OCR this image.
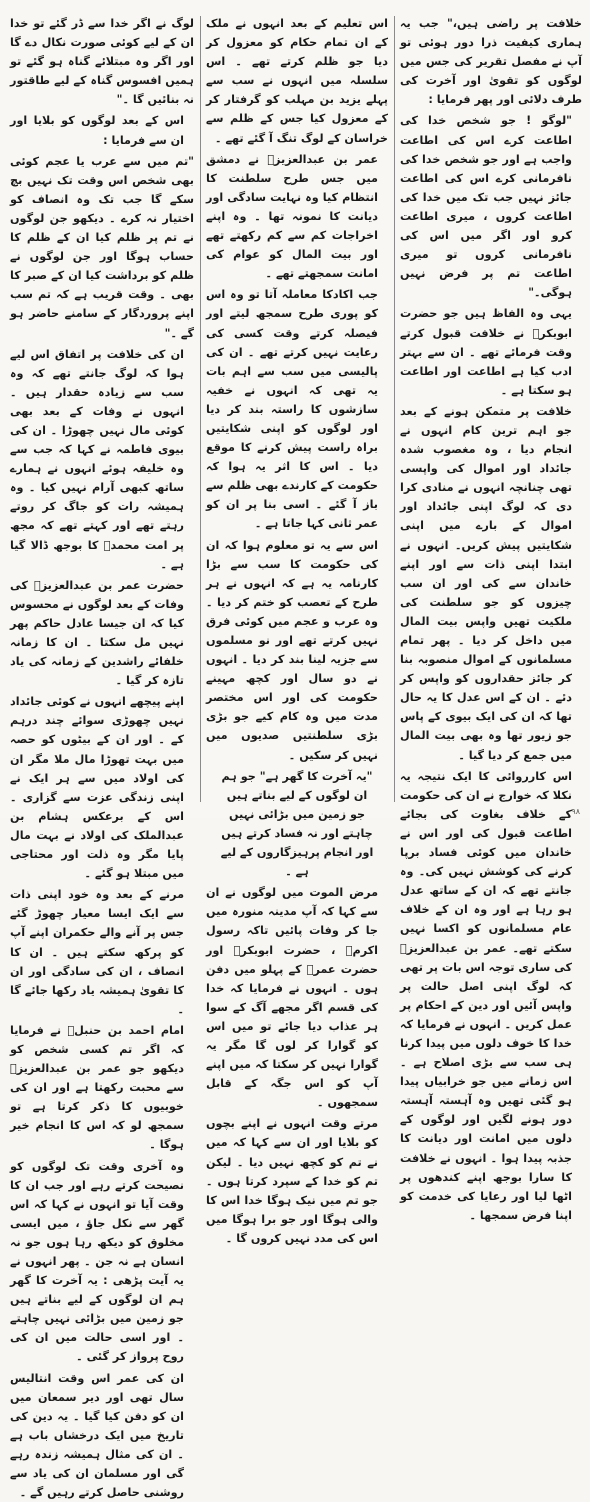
خلافت پر راضی ہیں،" جب یہ ہماری کیفیت ذرا دور ہوئی تو آپ نے مفصل تقریر کی جس میں لوگوں کو تقویٰ اور آخرت کی طرف دلائی اور پھر فرمایا :

"لوگو ! جو شخص خدا کی اطاعت کرے اس کی اطاعت واجب ہے اور جو شخص خدا کی نافرمانی کرے اس کی اطاعت جائز نہیں جب تک میں خدا کی اطاعت کروں ، میری اطاعت کرو اور اگر میں اس کی نافرمانی کروں تو میری اطاعت تم پر فرض نہیں ہوگی۔"

یہی وہ الفاظ ہیں جو حضرت ابوبکرؓ نے خلافت قبول کرتے وقت فرمائے تھے ۔ ان سے بہتر ادب کیا ہے اطاعت اور اطاعت ہو سکتا ہے ۔

خلافت پر متمکن ہونے کے بعد جو اہم ترین کام انہوں نے انجام دیا ، وہ مغصوب شدہ جائداد اور اموال کی واپسی تھی چنانچہ انہوں نے منادی کرا دی کہ لوگ اپنی جائداد اور اموال کے بارے میں اپنی شکایتیں پیش کریں۔ انہوں نے ابتدا اپنی ذات سے اور اپنے خاندان سے کی اور ان سب چیزوں کو جو سلطنت کی ملکیت تھیں واپس بیت المال میں داخل کر دیا ۔ پھر تمام مسلمانوں کے اموال منصوبہ بنا کر جائز حقداروں کو واپس کر دئے ۔ ان کے اس عدل کا یہ حال تھا کہ ان کی ایک بیوی کے پاس جو زیور تھا وہ بھی بیت المال میں جمع کر دیا گیا ۔

اس کارروائی کا ایک نتیجہ یہ نکلا کہ خوارج نے ان کی حکومت کے خلاف بغاوت کی بجائے اطاعت قبول کی اور اس نے خاندان میں کوئی فساد برپا کرنے کی کوشش نہیں کی۔ وہ جانتے تھے کہ ان کے ساتھ عدل ہو رہا ہے اور وہ ان کے خلاف عام مسلمانوں کو اکسا نہیں سکتے تھے۔ عمر بن عبدالعزیزؒ کی ساری توجہ اس بات پر تھی کہ لوگ اپنی اصل حالت پر واپس آئیں اور دین کے احکام پر عمل کریں ۔ انہوں نے فرمایا کہ خدا کا خوف دلوں میں پیدا کرنا ہی سب سے بڑی اصلاح ہے ۔ اس زمانے میں جو خرابیاں پیدا ہو گئی تھیں وہ آہستہ آہستہ دور ہونے لگیں اور لوگوں کے دلوں میں امانت اور دیانت کا جذبہ پیدا ہوا ۔ انہوں نے خلافت کا سارا بوجھ اپنے کندھوں پر اٹھا لیا اور رعایا کی خدمت کو اپنا فرض سمجھا ۔

اس تعلیم کے بعد انہوں نے ملک کے ان تمام حکام کو معزول کر دیا جو ظلم کرتے تھے ۔ اس سلسلہ میں انہوں نے سب سے پہلے یزید بن مہلب کو گرفتار کر کے معزول کیا جس کے ظلم سے خراسان کے لوگ تنگ آ گئے تھے ۔

عمر بن عبدالعزیزؒ نے دمشق میں جس طرح سلطنت کا انتظام کیا وہ نہایت سادگی اور دیانت کا نمونہ تھا ۔ وہ اپنے اخراجات کم سے کم رکھتے تھے اور بیت المال کو عوام کی امانت سمجھتے تھے ۔

جب اکادکا معاملہ آتا تو وہ اس کو پوری طرح سمجھ لیتے اور فیصلہ کرتے وقت کسی کی رعایت نہیں کرتے تھے ۔ ان کی پالیسی میں سب سے اہم بات یہ تھی کہ انہوں نے خفیہ سازشوں کا راستہ بند کر دیا اور لوگوں کو اپنی شکایتیں براہ راست پیش کرنے کا موقع دیا ۔ اس کا اثر یہ ہوا کہ حکومت کے کارندے بھی ظلم سے باز آ گئے ۔ اسی بنا پر ان کو عمر ثانی کہا جاتا ہے ۔

اس سے یہ تو معلوم ہوا کہ ان کی حکومت کا سب سے بڑا کارنامہ یہ ہے کہ انہوں نے ہر طرح کے تعصب کو ختم کر دیا ۔ وہ عرب و عجم میں کوئی فرق نہیں کرتے تھے اور نو مسلموں سے جزیہ لینا بند کر دیا ۔ انہوں نے دو سال اور کچھ مہینے حکومت کی اور اس مختصر مدت میں وہ کام کیے جو بڑی بڑی سلطنتیں صدیوں میں نہیں کر سکیں ۔

"یہ آخرت کا گھر ہے" جو ہم ان لوگوں کے لیے بناتے ہیں جو زمین میں بڑائی نہیں چاہتے اور نہ فساد کرتے ہیں اور انجام پرہیزگاروں کے لیے ہے ۔

مرض الموت میں لوگوں نے ان سے کہا کہ آپ مدینہ منورہ میں جا کر وفات پائیں تاکہ رسول اکرمؐ ، حضرت ابوبکرؓ اور حضرت عمرؓ کے پہلو میں دفن ہوں ۔ انہوں نے فرمایا کہ خدا کی قسم اگر مجھے آگ کے سوا ہر عذاب دیا جائے تو میں اس کو گوارا کر لوں گا مگر یہ گوارا نہیں کر سکتا کہ میں اپنے آپ کو اس جگہ کے قابل سمجھوں ۔

مرتے وقت انہوں نے اپنے بچوں کو بلایا اور ان سے کہا کہ میں نے تم کو کچھ نہیں دیا ۔ لیکن تم کو خدا کے سپرد کرتا ہوں ۔ جو تم میں نیک ہوگا خدا اس کا والی ہوگا اور جو برا ہوگا میں اس کی مدد نہیں کروں گا ۔

لوگ نے اگر خدا سے ڈر گئے تو خدا ان کے لیے کوئی صورت نکال دے گا اور اگر وہ مبتلائے گناہ ہو گئے تو ہمیں افسوس گناہ کے لیے طاقتور نہ بنائیں گا ۔"

اس کے بعد لوگوں کو بلایا اور ان سے فرمایا :

"تم میں سے عرب یا عجم کوئی بھی شخص اس وقت تک نہیں بچ سکے گا جب تک وہ انصاف کو اختیار نہ کرے ۔ دیکھو جن لوگوں نے تم پر ظلم کیا ان کے ظلم کا حساب ہوگا اور جن لوگوں نے ظلم کو برداشت کیا ان کے صبر کا بھی ۔ وقت قریب ہے کہ تم سب اپنے پروردگار کے سامنے حاضر ہو گے ۔"

ان کی خلافت پر اتفاق اس لیے ہوا کہ لوگ جانتے تھے کہ وہ سب سے زیادہ حقدار ہیں ۔ انہوں نے وفات کے بعد بھی کوئی مال نہیں چھوڑا ۔ ان کی بیوی فاطمہ نے کہا کہ جب سے وہ خلیفہ ہوئے انہوں نے ہمارے ساتھ کبھی آرام نہیں کیا ۔ وہ ہمیشہ رات کو جاگ کر روتے رہتے تھے اور کہتے تھے کہ مجھ پر امت محمدؐ کا بوجھ ڈالا گیا ہے ۔

حضرت عمر بن عبدالعزیزؒ کی وفات کے بعد لوگوں نے محسوس کیا کہ ان جیسا عادل حاکم پھر نہیں مل سکتا ۔ ان کا زمانہ خلفائے راشدین کے زمانہ کی یاد تازہ کر گیا ۔

اپنے پیچھے انہوں نے کوئی جائداد نہیں چھوڑی سوائے چند درہم کے ۔ اور ان کے بیٹوں کو حصہ میں بہت تھوڑا مال ملا مگر ان کی اولاد میں سے ہر ایک نے اپنی زندگی عزت سے گزاری ۔ اس کے برعکس ہشام بن عبدالملک کی اولاد نے بہت مال پایا مگر وہ ذلت اور محتاجی میں مبتلا ہو گئے ۔

مرنے کے بعد وہ خود اپنی ذات سے ایک ایسا معیار چھوڑ گئے جس پر آنے والے حکمران اپنے آپ کو پرکھ سکتے ہیں ۔ ان کا انصاف ، ان کی سادگی اور ان کا تقویٰ ہمیشہ یاد رکھا جائے گا ۔

امام احمد بن حنبلؒ نے فرمایا کہ اگر تم کسی شخص کو دیکھو جو عمر بن عبدالعزیزؒ سے محبت رکھتا ہے اور ان کی خوبیوں کا ذکر کرتا ہے تو سمجھ لو کہ اس کا انجام خیر ہوگا ۔

وہ آخری وقت تک لوگوں کو نصیحت کرتے رہے اور جب ان کا وقت آیا تو انہوں نے کہا کہ اس گھر سے نکل جاؤ ، میں ایسی مخلوق کو دیکھ رہا ہوں جو نہ انسان ہے نہ جن ۔ پھر انہوں نے یہ آیت پڑھی : یہ آخرت کا گھر ہم ان لوگوں کے لیے بناتے ہیں جو زمین میں بڑائی نہیں چاہتے ۔ اور اسی حالت میں ان کی روح پرواز کر گئی ۔

ان کی عمر اس وقت انتالیس سال تھی اور دیر سمعان میں ان کو دفن کیا گیا ۔ یہ دین کی تاریخ میں ایک درخشاں باب ہے ۔ ان کی مثال ہمیشہ زندہ رہے گی اور مسلمان ان کی یاد سے روشنی حاصل کرتے رہیں گے ۔

۹۸
